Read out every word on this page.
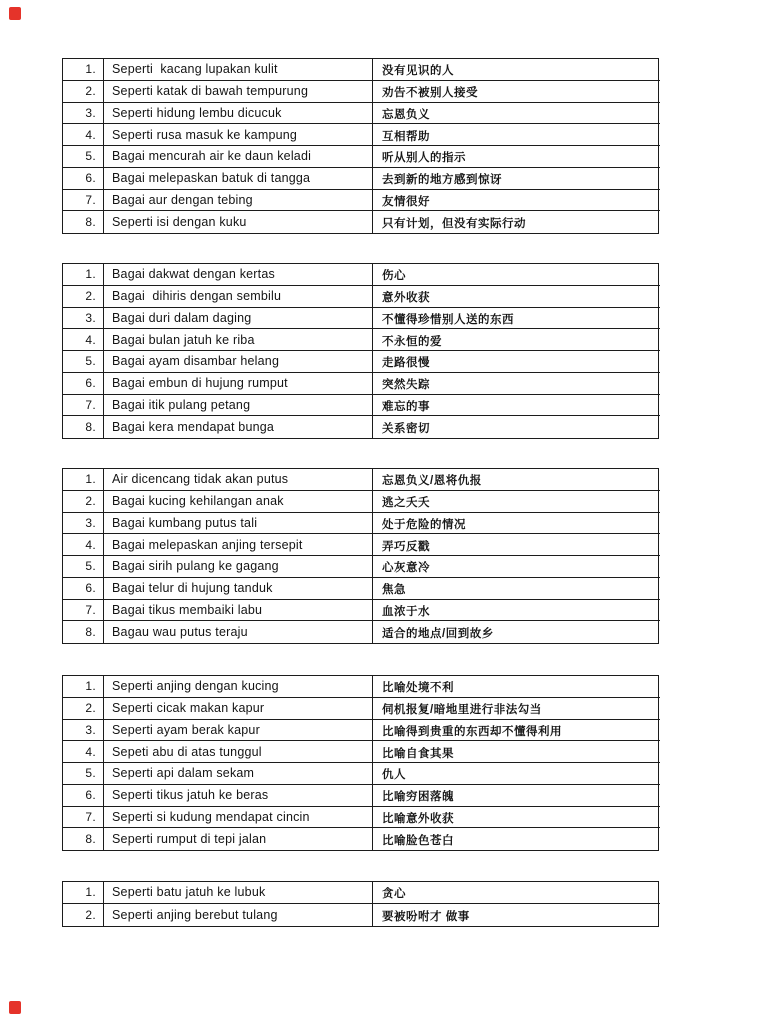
1.	Seperti  kacang lupakan kulit	没有见识的人
2.	Seperti katak di bawah tempurung	劝告不被别人接受
3.	Seperti hidung lembu dicucuk	忘恩负义
4.	Seperti rusa masuk ke kampung	互相帮助
5.	Bagai mencurah air ke daun keladi	听从别人的指示
6.	Bagai melepaskan batuk di tangga	去到新的地方感到惊讶
7.	Bagai aur dengan tebing	友情很好
8.	Seperti isi dengan kuku	只有计划，但没有实际行动
1.	Bagai dakwat dengan kertas	伤心
2.	Bagai  dihiris dengan sembilu	意外收获
3.	Bagai duri dalam daging	不懂得珍惜别人送的东西
4.	Bagai bulan jatuh ke riba	不永恒的爱
5.	Bagai ayam disambar helang	走路很慢
6.	Bagai embun di hujung rumput	突然失踪
7.	Bagai itik pulang petang	难忘的事
8.	Bagai kera mendapat bunga	关系密切
1.	Air dicencang tidak akan putus	忘恩负义/恩将仇报
2.	Bagai kucing kehilangan anak	逃之夭夭
3.	Bagai kumbang putus tali	处于危险的情况
4.	Bagai melepaskan anjing tersepit	弄巧反戳
5.	Bagai sirih pulang ke gagang	心灰意冷
6.	Bagai telur di hujung tanduk	焦急
7.	Bagai tikus membaiki labu	血浓于水
8.	Bagau wau putus teraju	适合的地点/回到故乡
1.	Seperti anjing dengan kucing	比喻处境不利
2.	Seperti cicak makan kapur	伺机报复/暗地里进行非法勾当
3.	Seperti ayam berak kapur	比喻得到贵重的东西却不懂得利用
4.	Sepeti abu di atas tunggul	比喻自食其果
5.	Seperti api dalam sekam	仇人
6.	Seperti tikus jatuh ke beras	比喻穷困落魄
7.	Seperti si kudung mendapat cincin	比喻意外收获
8.	Seperti rumput di tepi jalan	比喻脸色苍白
1.	Seperti batu jatuh ke lubuk	贪心
2.	Seperti anjing berebut tulang	要被吩咐才 做事
